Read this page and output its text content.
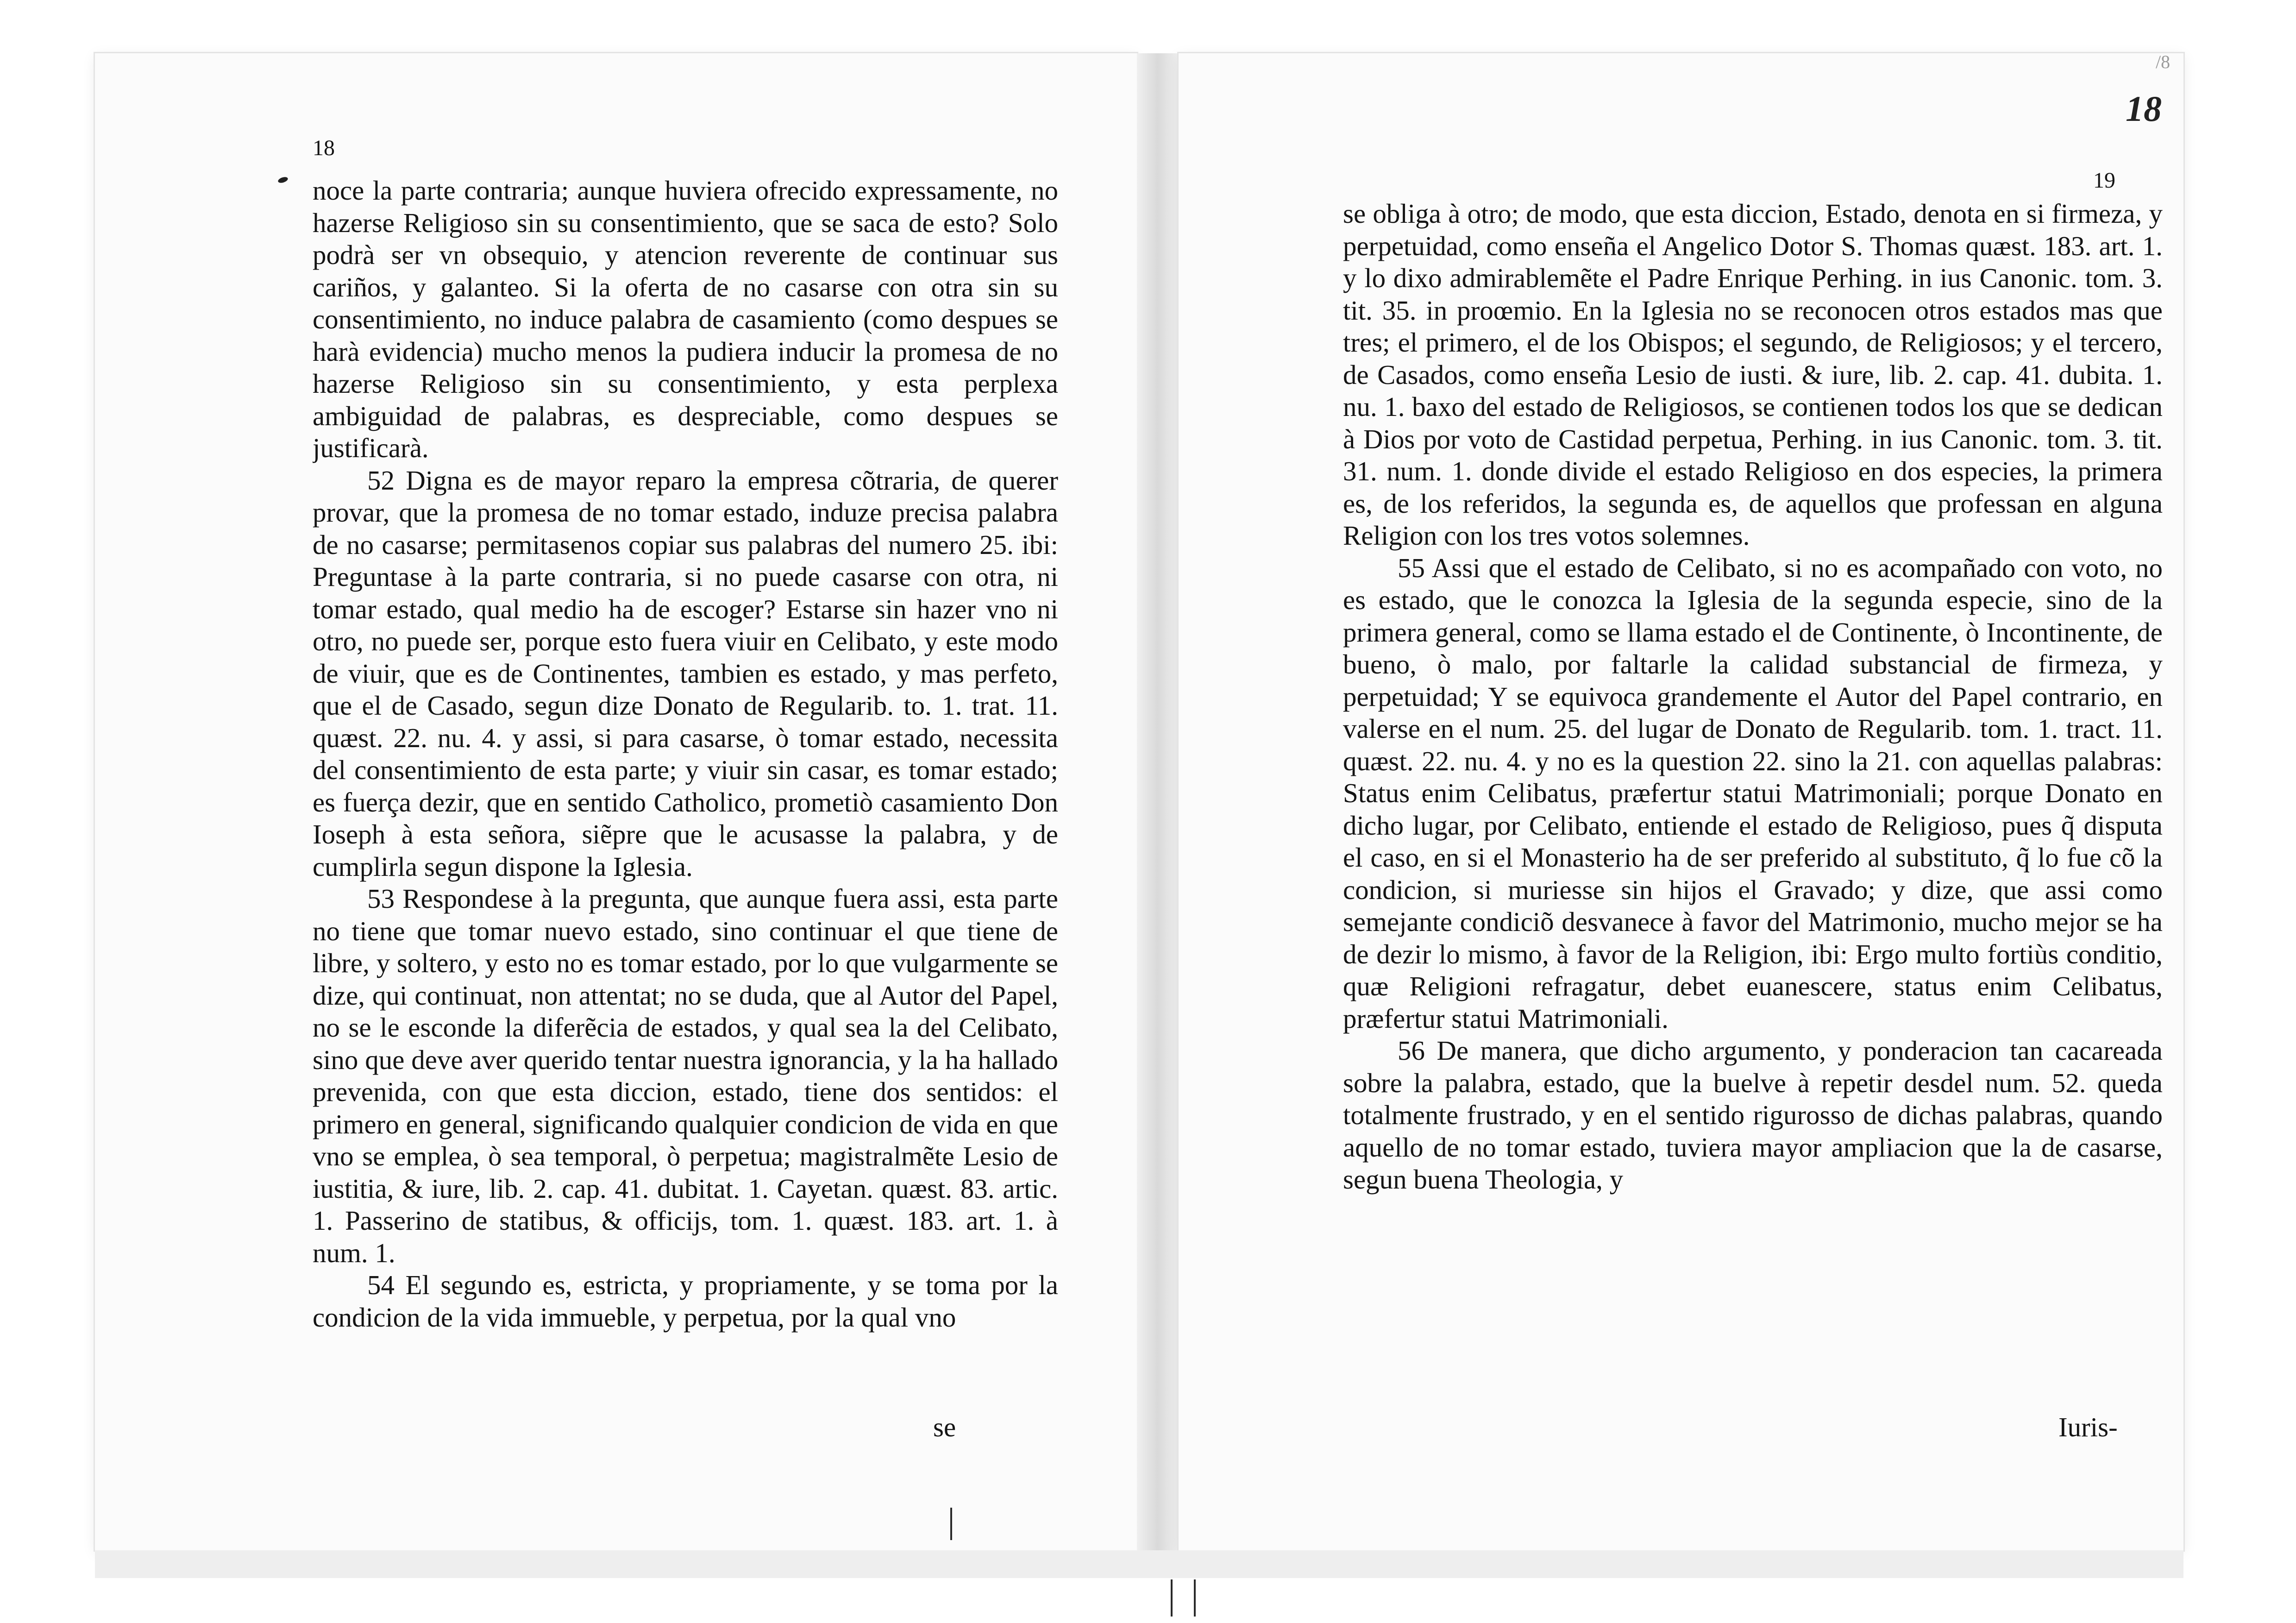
18

noce la parte contraria; aunque huviera ofrecido expressamente, no hazerse Religioso sin su consentimiento, que se saca de esto? Solo podrà ser vn obsequio, y atencion reverente de continuar sus cariños, y galanteo. Si la oferta de no casarse con otra sin su consentimiento, no induce palabra de casamiento (como despues se harà evidencia) mucho menos la pudiera inducir la promesa de no hazerse Religioso sin su consentimiento, y esta perplexa ambiguidad de palabras, es despreciable, como despues se justificarà.
  52 Digna es de mayor reparo la empresa cõtraria, de querer provar, que la promesa de no tomar estado, induze precisa palabra de no casarse; permitasenos copiar sus palabras del numero 25. ibi: Preguntase à la parte contraria, si no puede casarse con otra, ni tomar estado, qual medio ha de escoger? Estarse sin hazer vno ni otro, no puede ser, porque esto fuera viuir en Celibato, y este modo de viuir, que es de Continentes, tambien es estado, y mas perfeto, que el de Casado, segun dize Donato de Regularib. to. 1. trat. 11. quæst. 22. nu. 4. y assi, si para casarse, ò tomar estado, necessita del consentimiento de esta parte; y viuir sin casar, es tomar estado; es fuerça dezir, que en sentido Catholico, prometiò casamiento Don Ioseph à esta señora, siẽpre que le acusasse la palabra, y de cumplirla segun dispone la Iglesia.
  53 Respondese à la pregunta, que aunque fuera assi, esta parte no tiene que tomar nuevo estado, sino continuar el que tiene de libre, y soltero, y esto no es tomar estado, por lo que vulgarmente se dize, qui continuat, non attentat; no se duda, que al Autor del Papel, no se le esconde la diferẽcia de estados, y qual sea la del Celibato, sino que deve aver querido tentar nuestra ignorancia, y la ha hallado prevenida, con que esta diccion, estado, tiene dos sentidos: el primero en general, significando qualquier condicion de vida en que vno se emplea, ò sea temporal, ò perpetua; magistralmẽte Lesio de iustitia, & iure, lib. 2. cap. 41. dubitat. 1. Cayetan. quæst. 83. artic. 1. Passerino de statibus, & officijs, tom. 1. quæst. 183. art. 1. à num. 1.
  54 El segundo es, estricta, y propriamente, y se toma por la condicion de la vida immueble, y perpetua, por la qual vno

se

19

se obliga à otro; de modo, que esta diccion, Estado, denota en si firmeza, y perpetuidad, como enseña el Angelico Dotor S. Thomas quæst. 183. art. 1. y lo dixo admirablemẽte el Padre Enrique Perhing. in ius Canonic. tom. 3. tit. 35. in proœmio. En la Iglesia no se reconocen otros estados mas que tres; el primero, el de los Obispos; el segundo, de Religiosos; y el tercero, de Casados, como enseña Lesio de iusti. & iure, lib. 2. cap. 41. dubita. 1. nu. 1. baxo del estado de Religiosos, se contienen todos los que se dedican à Dios por voto de Castidad perpetua, Perhing. in ius Canonic. tom. 3. tit. 31. num. 1. donde divide el estado Religioso en dos especies, la primera es, de los referidos, la segunda es, de aquellos que professan en alguna Religion con los tres votos solemnes.
  55 Assi que el estado de Celibato, si no es acompañado con voto, no es estado, que le conozca la Iglesia de la segunda especie, sino de la primera general, como se llama estado el de Continente, ò Incontinente, de bueno, ò malo, por faltarle la calidad substancial de firmeza, y perpetuidad; Y se equivoca grandemente el Autor del Papel contrario, en valerse en el num. 25. del lugar de Donato de Regularib. tom. 1. tract. 11. quæst. 22. nu. 4. y no es la question 22. sino la 21. con aquellas palabras: Status enim Celibatus, præfertur statui Matrimoniali; porque Donato en dicho lugar, por Celibato, entiende el estado de Religioso, pues q̃ disputa el caso, en si el Monasterio ha de ser preferido al substituto, q̃ lo fue cõ la condicion, si muriesse sin hijos el Gravado; y dize, que assi como semejante condiciõ desvanece à favor del Matrimonio, mucho mejor se ha de dezir lo mismo, à favor de la Religion, ibi: Ergo multo fortiùs conditio, quæ Religioni refragatur, debet euanescere, status enim Celibatus, præfertur statui Matrimoniali.
  56 De manera, que dicho argumento, y ponderacion tan cacareada sobre la palabra, estado, que la buelve à repetir desdel num. 52. queda totalmente frustrado, y en el sentido rigurosso de dichas palabras, quando aquello de no tomar estado, tuviera mayor ampliacion que la de casarse, segun buena Theologia, y

Iuris-

18

/8
